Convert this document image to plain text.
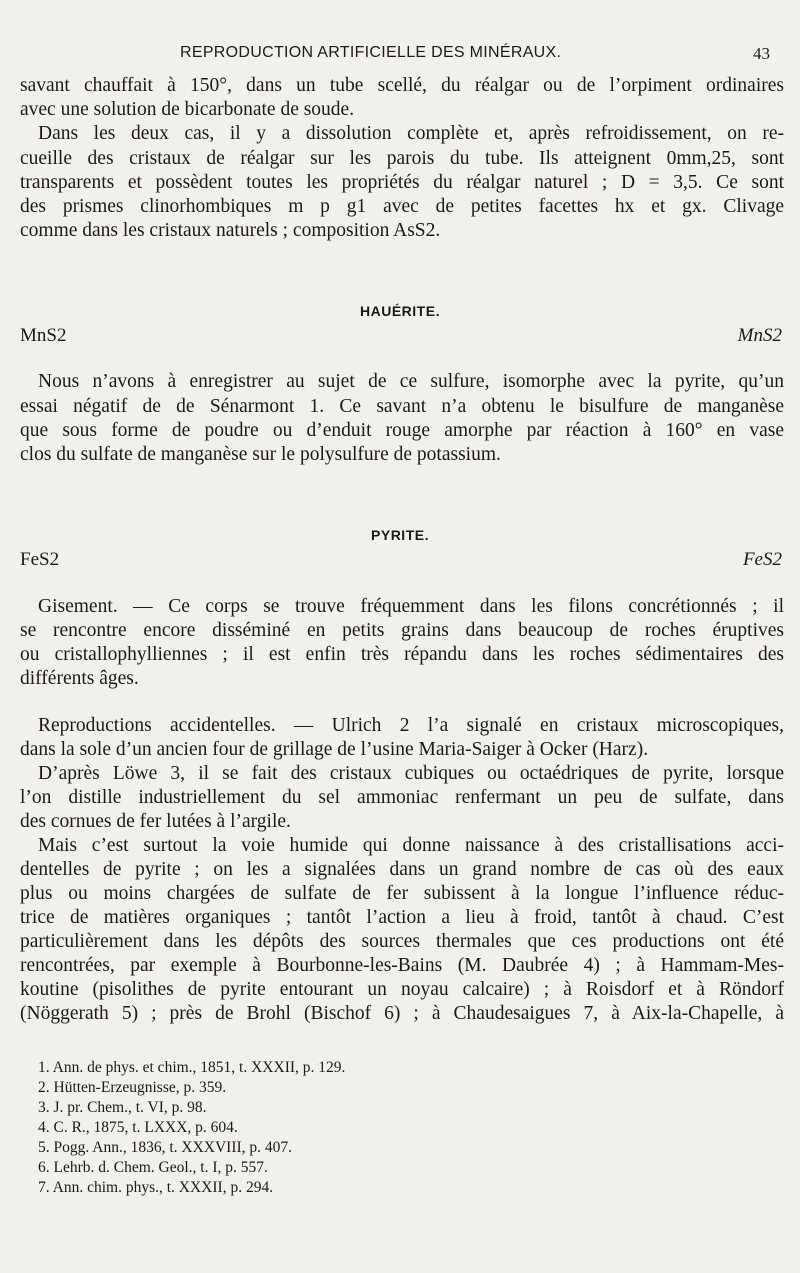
REPRODUCTION ARTIFICIELLE DES MINÉRAUX.	43
savant chauffait à 150°, dans un tube scellé, du réalgar ou de l’orpiment ordinaires
avec une solution de bicarbonate de soude.
Dans les deux cas, il y a dissolution complète et, après refroidissement, on re-
cueille des cristaux de réalgar sur les parois du tube. Ils atteignent 0mm,25, sont
transparents et possèdent toutes les propriétés du réalgar naturel ; D = 3,5. Ce sont
des prismes clinorhombiques m p g1 avec de petites facettes hx et gx. Clivage
comme dans les cristaux naturels ; composition AsS2.
HAUÉRITE.
MnS2	MnS2
Nous n’avons à enregistrer au sujet de ce sulfure, isomorphe avec la pyrite, qu’un
essai négatif de de Sénarmont 1. Ce savant n’a obtenu le bisulfure de manganèse
que sous forme de poudre ou d’enduit rouge amorphe par réaction à 160° en vase
clos du sulfate de manganèse sur le polysulfure de potassium.
PYRITE.
FeS2	FeS2
Gisement. — Ce corps se trouve fréquemment dans les filons concrétionnés ; il
se rencontre encore disséminé en petits grains dans beaucoup de roches éruptives
ou cristallophylliennes ; il est enfin très répandu dans les roches sédimentaires des
différents âges.
Reproductions accidentelles. — Ulrich 2 l’a signalé en cristaux microscopiques,
dans la sole d’un ancien four de grillage de l’usine Maria-Saiger à Ocker (Harz).
D’après Löwe 3, il se fait des cristaux cubiques ou octaédriques de pyrite, lorsque
l’on distille industriellement du sel ammoniac renfermant un peu de sulfate, dans
des cornues de fer lutées à l’argile.
Mais c’est surtout la voie humide qui donne naissance à des cristallisations acci-
dentelles de pyrite ; on les a signalées dans un grand nombre de cas où des eaux
plus ou moins chargées de sulfate de fer subissent à la longue l’influence réduc-
trice de matières organiques ; tantôt l’action a lieu à froid, tantôt à chaud. C’est
particulièrement dans les dépôts des sources thermales que ces productions ont été
rencontrées, par exemple à Bourbonne-les-Bains (M. Daubrée 4) ; à Hammam-Mes-
koutine (pisolithes de pyrite entourant un noyau calcaire) ; à Roisdorf et à Röndorf
(Nöggerath 5) ; près de Brohl (Bischof 6) ; à Chaudesaigues 7, à Aix-la-Chapelle, à
1. Ann. de phys. et chim., 1851, t. XXXII, p. 129.
2. Hütten-Erzeugnisse, p. 359.
3. J. pr. Chem., t. VI, p. 98.
4. C. R., 1875, t. LXXX, p. 604.
5. Pogg. Ann., 1836, t. XXXVIII, p. 407.
6. Lehrb. d. Chem. Geol., t. I, p. 557.
7. Ann. chim. phys., t. XXXII, p. 294.
